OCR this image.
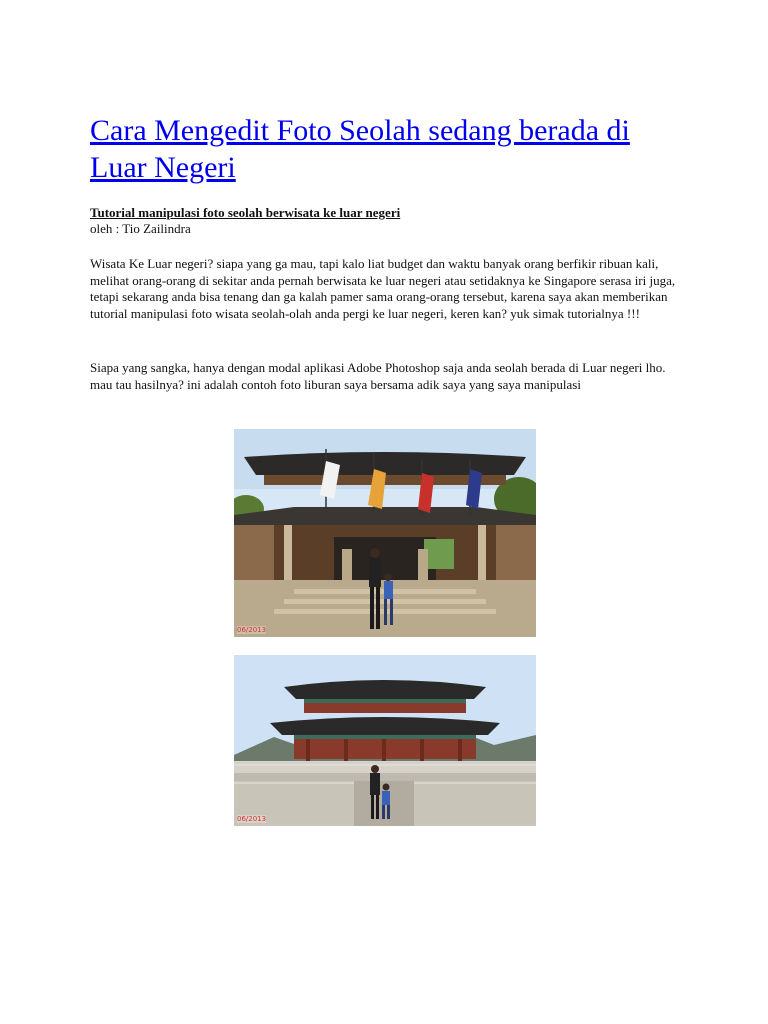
Cara Mengedit Foto Seolah sedang berada di Luar Negeri
Tutorial manipulasi foto seolah berwisata ke luar negeri
oleh : Tio Zailindra

Wisata Ke Luar negeri? siapa yang ga mau, tapi kalo liat budget dan waktu banyak orang berfikir ribuan kali, melihat orang-orang di sekitar anda pernah berwisata ke luar negeri atau setidaknya ke Singapore serasa iri juga, tetapi sekarang anda bisa tenang dan ga kalah pamer sama orang-orang tersebut, karena saya akan memberikan tutorial manipulasi foto wisata seolah-olah anda pergi ke luar negeri, keren kan? yuk simak tutorialnya !!!

Siapa yang sangka, hanya dengan modal aplikasi Adobe Photoshop saja anda seolah berada di Luar negeri lho. mau tau hasilnya? ini adalah contoh foto liburan saya bersama adik saya yang saya manipulasi

06/2013
06/2013
